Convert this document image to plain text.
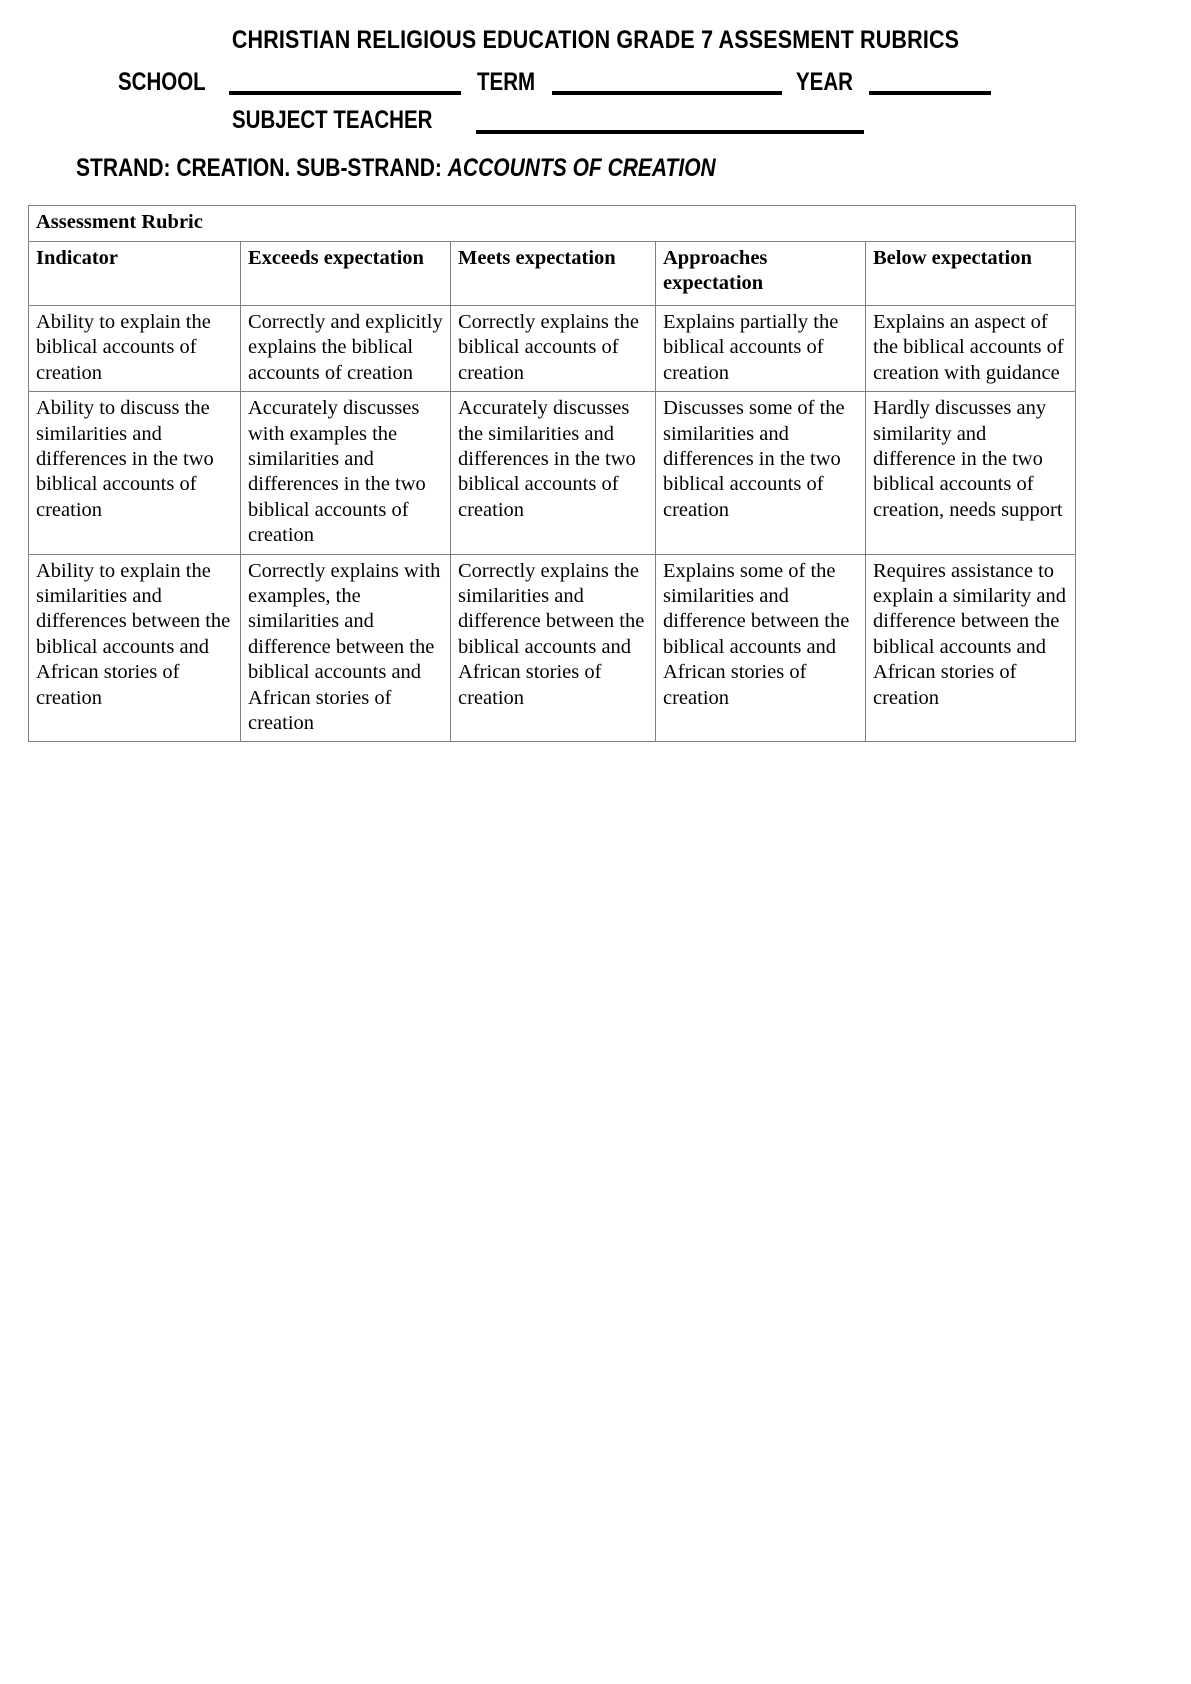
CHRISTIAN RELIGIOUS EDUCATION GRADE 7 ASSESMENT RUBRICS
SCHOOL	TERM	YEAR
SUBJECT TEACHER
STRAND: CREATION. SUB-STRAND: ACCOUNTS OF CREATION
Assessment Rubric				
Indicator	Exceeds expectation	Meets expectation	Approaches expectation	Below expectation
Ability to explain the biblical accounts of creation	Correctly and explicitly explains the biblical accounts of creation	Correctly explains the biblical accounts of creation	Explains partially the biblical accounts of creation	Explains an aspect of the biblical accounts of creation with guidance
Ability to discuss the similarities and differences in the two biblical accounts of creation	Accurately discusses with examples the similarities and differences in the two biblical accounts of creation	Accurately discusses the similarities and differences in the two biblical accounts of creation	Discusses some of the similarities and differences in the two biblical accounts of creation	Hardly discusses any similarity and difference in the two biblical accounts of creation, needs support
Ability to explain the similarities and differences between the biblical accounts and African stories of creation	Correctly explains with examples, the similarities and difference between the biblical accounts and African stories of creation	Correctly explains the similarities and difference between the biblical accounts and African stories of creation	Explains some of the similarities and difference between the biblical accounts and African stories of creation	Requires assistance to explain a similarity and difference between the biblical accounts and African stories of creation
